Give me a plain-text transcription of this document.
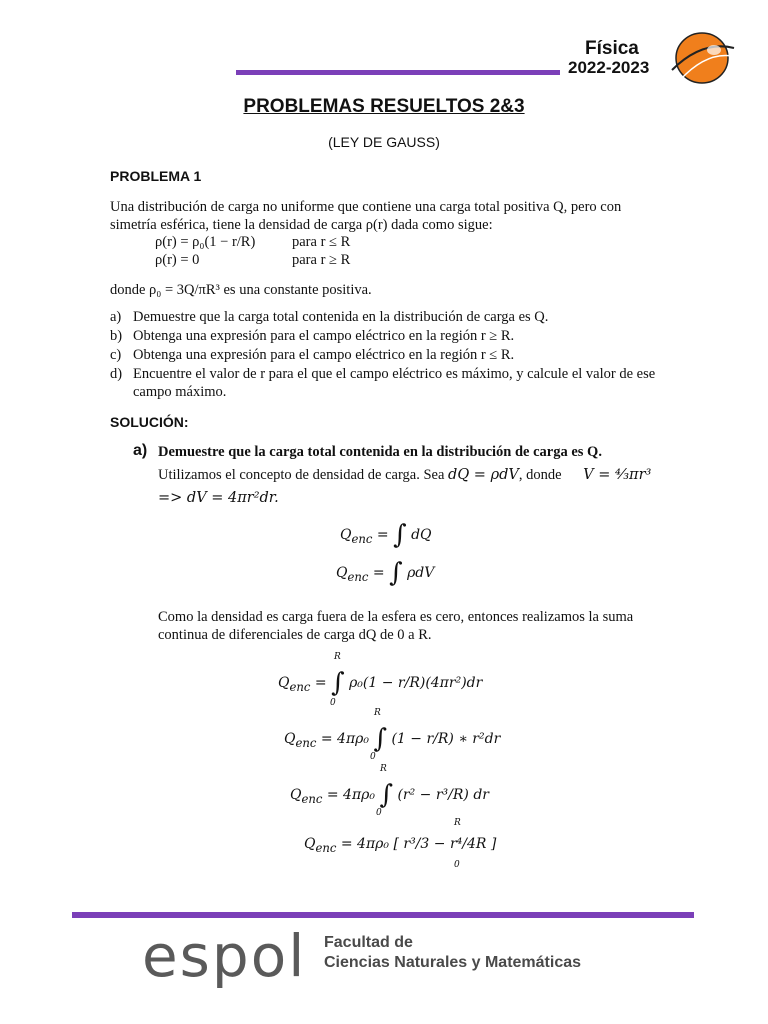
Física
2022-2023
PROBLEMAS RESUELTOS 2&3
(LEY DE GAUSS)
PROBLEMA 1
Una distribución de carga no uniforme que contiene una carga total positiva Q, pero con simetría esférica, tiene la densidad de carga ρ(r) dada como sigue:
ρ(r) = ρ₀(1 − r/R)	para r ≤ R
ρ(r) = 0	para r ≥ R
donde ρ₀ = 3Q/πR³ es una constante positiva.
a) Demuestre que la carga total contenida en la distribución de carga es Q.
b) Obtenga una expresión para el campo eléctrico en la región r ≥ R.
c) Obtenga una expresión para el campo eléctrico en la región r ≤ R.
d) Encuentre el valor de r para el que el campo eléctrico es máximo, y calcule el valor de ese campo máximo.
SOLUCIÓN:
a) Demuestre que la carga total contenida en la distribución de carga es Q.
Utilizamos el concepto de densidad de carga. Sea dQ = ρdV, donde V = ⁴⁄₃πr³
=> dV = 4πr²dr.
$Q_{enc}$ = ∫ dQ
$Q_{enc}$ = ∫ ρdV
Como la densidad es carga fuera de la esfera es cero, entonces realizamos la suma continua de diferenciales de carga dQ de 0 a R.
$Q_{enc}$ = ∫ ρ₀(1 − r/R)(4πr²)dr
R
0
$Q_{enc} = 4\pi\rho_0$ ∫ (1 − r/R) ∗ r²dr
R
0
$Q_{enc} = 4\pi\rho_0$ ∫ (r² − r³/R) dr
R
0
$Q_{enc} = 4\pi\rho_0$ [ r³/3 − r⁴/4R ]
R
0
espol Facultad de
Ciencias Naturales y Matemáticas
